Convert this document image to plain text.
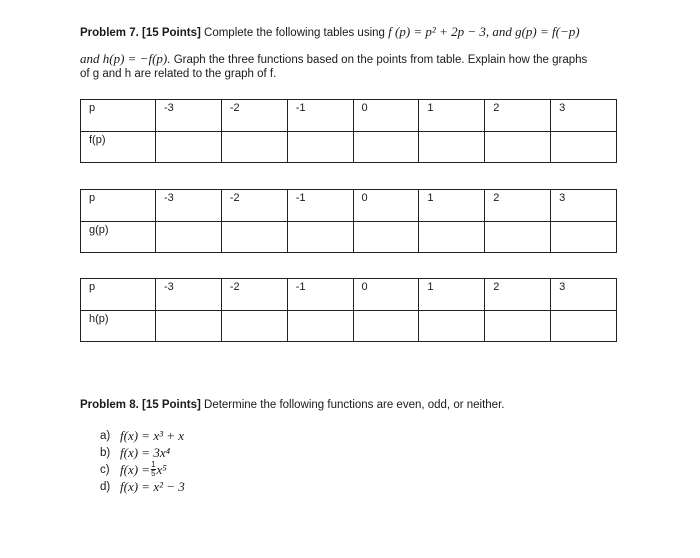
Problem 7. [15 Points] Complete the following tables using f (p) = p² + 2p − 3, and g(p) = f(−p)
and h(p) = −f(p). Graph the three functions based on the points from table. Explain how the graphs
of g and h are related to the graph of f.
p	-3	-2	-1	0	1	2	3
f(p)							
p	-3	-2	-1	0	1	2	3
g(p)							
p	-3	-2	-1	0	1	2	3
h(p)							
Problem 8. [15 Points] Determine the following functions are even, odd, or neither.
a) f(x) = x³ + x
b) f(x) = 3x⁴
c) $f(x) = \frac{1}{5} x^5$
d) f(x) = x² − 3
